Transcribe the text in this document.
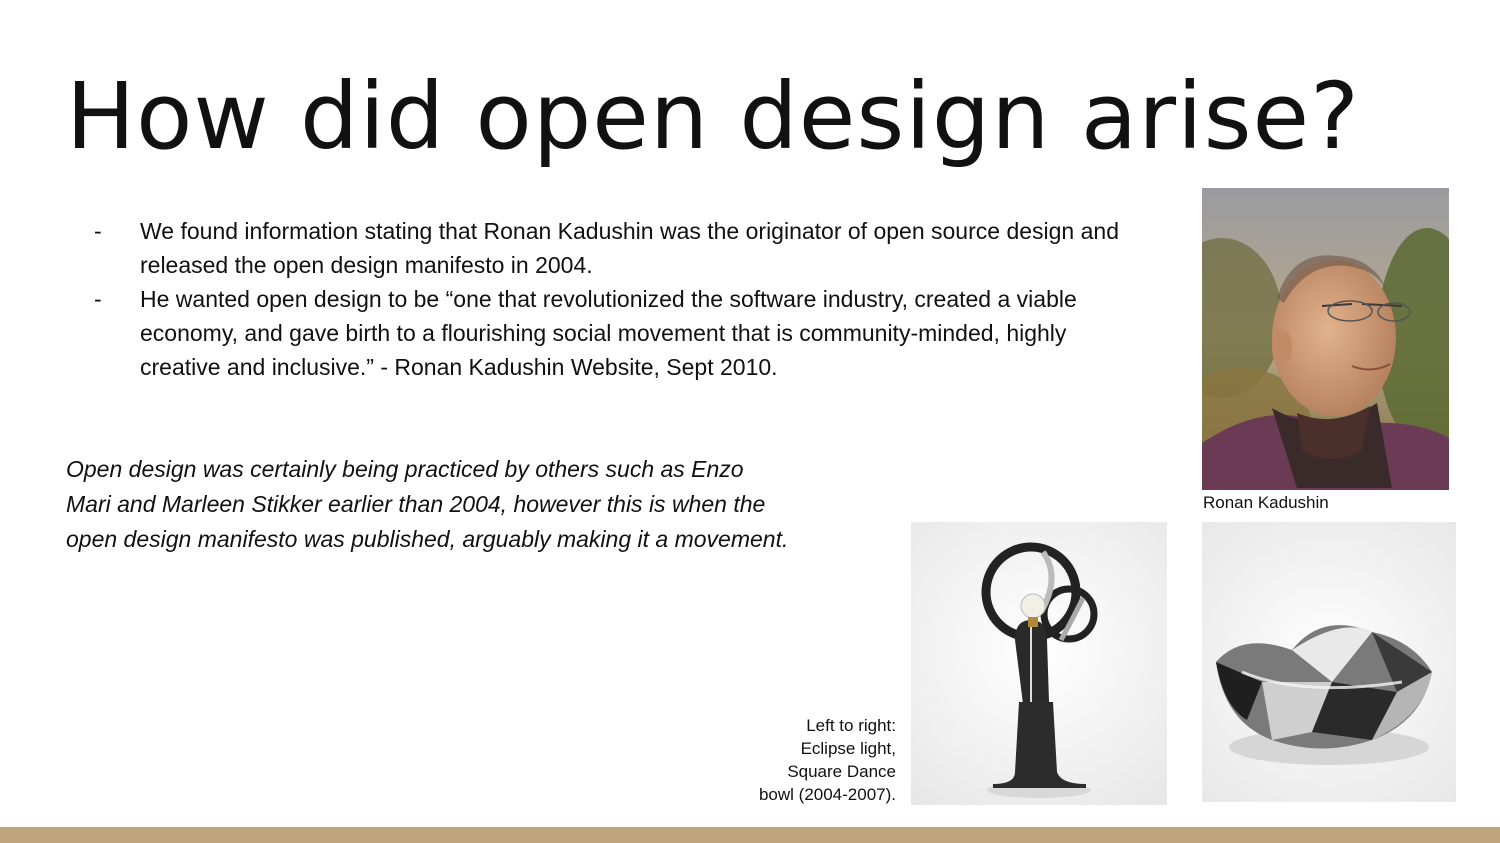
How did open design arise?
- We found information stating that Ronan Kadushin was the originator of open source design and released the open design manifesto in 2004.
- He wanted open design to be “one that revolutionized the software industry, created a viable economy, and gave birth to a flourishing social movement that is community-minded, highly creative and inclusive.” - Ronan Kadushin Website, Sept 2010.
Open design was certainly being practiced by others such as Enzo
Mari and Marleen Stikker earlier than 2004, however this is when the
open design manifesto was published, arguably making it a movement.
Ronan Kadushin
Left to right:
Eclipse light,
Square Dance
bowl (2004-2007).
